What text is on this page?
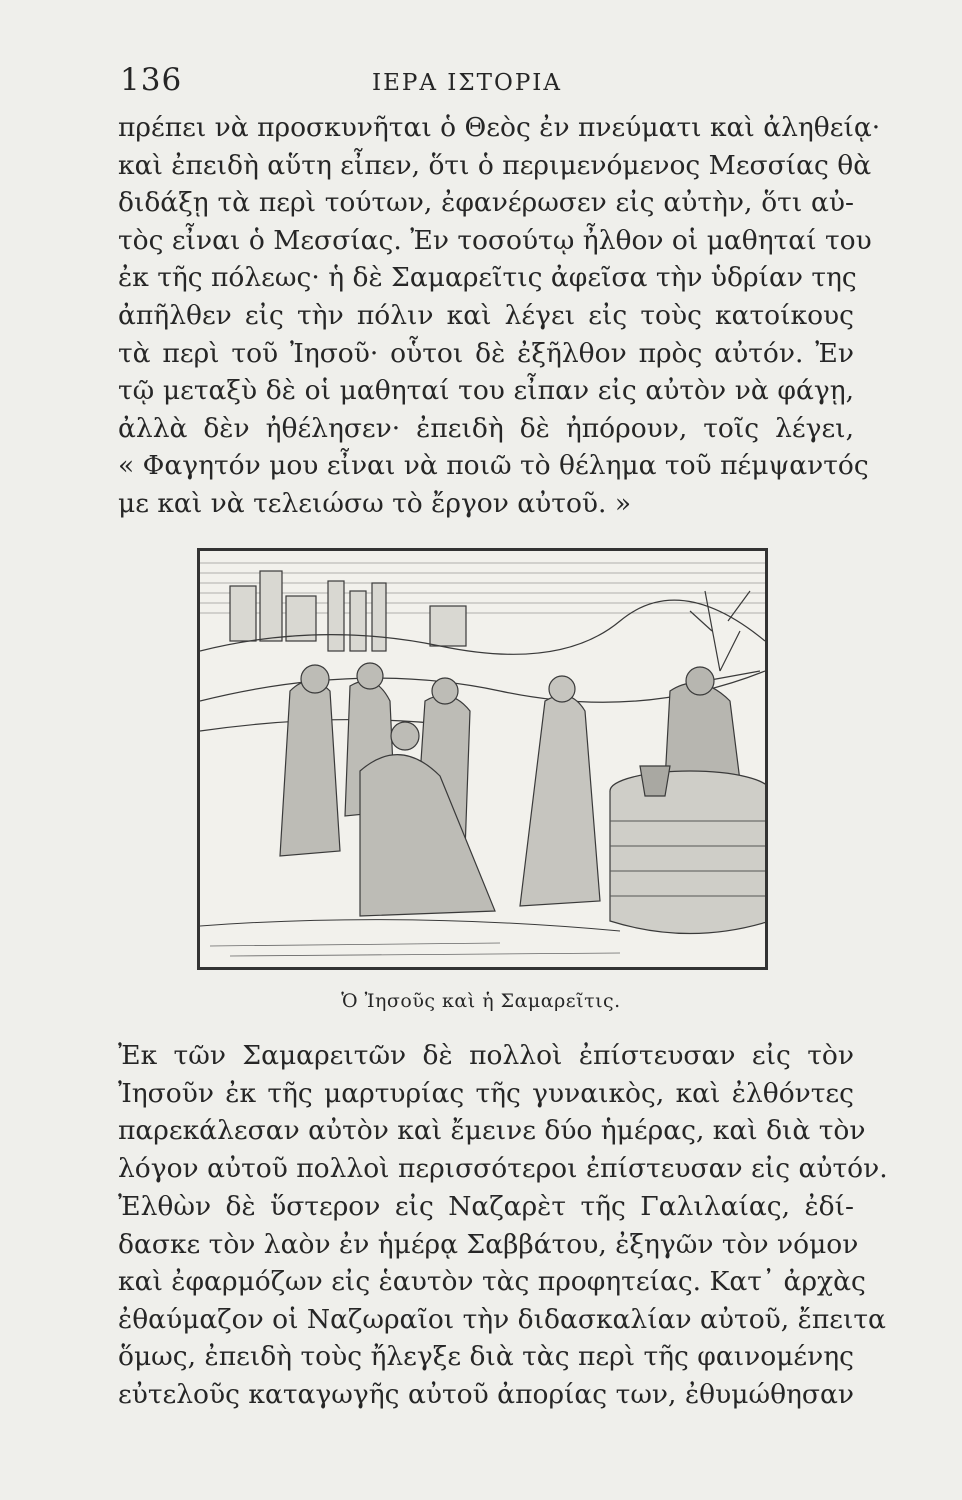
136	ΙΕΡΑ ΙΣΤΟΡΙΑ
πρέπει νὰ προσκυνῆται ὁ Θεὸς ἐν πνεύματι καὶ ἀληθείᾳ·
καὶ ἐπειδὴ αὕτη εἶπεν, ὅτι ὁ περιμενόμενος Μεσσίας θὰ
διδάξῃ τὰ περὶ τούτων, ἐφανέρωσεν εἰς αὐτὴν, ὅτι αὐ-
τὸς εἶναι ὁ Μεσσίας. Ἐν τοσούτῳ ἦλθον οἱ μαθηταί του
ἐκ τῆς πόλεως· ἡ δὲ Σαμαρεῖτις ἀφεῖσα τὴν ὑδρίαν της
ἀπῆλθεν εἰς τὴν πόλιν καὶ λέγει εἰς τοὺς κατοίκους
τὰ περὶ τοῦ Ἰησοῦ· οὗτοι δὲ ἐξῆλθον πρὸς αὐτόν. Ἐν
τῷ μεταξὺ δὲ οἱ μαθηταί του εἶπαν εἰς αὐτὸν νὰ φάγῃ,
ἀλλὰ δὲν ἠθέλησεν· ἐπειδὴ δὲ ἠπόρουν, τοῖς λέγει,
« Φαγητόν μου εἶναι νὰ ποιῶ τὸ θέλημα τοῦ πέμψαντός
με καὶ νὰ τελειώσω τὸ ἔργον αὐτοῦ. »
Ὁ Ἰησοῦς καὶ ἡ Σαμαρεῖτις.
Ἐκ τῶν Σαμαρειτῶν δὲ πολλοὶ ἐπίστευσαν εἰς τὸν
Ἰησοῦν ἐκ τῆς μαρτυρίας τῆς γυναικὸς, καὶ ἐλθόντες
παρεκάλεσαν αὐτὸν καὶ ἔμεινε δύο ἡμέρας, καὶ διὰ τὸν
λόγον αὐτοῦ πολλοὶ περισσότεροι ἐπίστευσαν εἰς αὐτόν.
Ἐλθὼν δὲ ὕστερον εἰς Ναζαρὲτ τῆς Γαλιλαίας, ἐδί-
δασκε τὸν λαὸν ἐν ἡμέρᾳ Σαββάτου, ἐξηγῶν τὸν νόμον
καὶ ἐφαρμόζων εἰς ἑαυτὸν τὰς προφητείας. Κατ᾽ ἀρχὰς
ἐθαύμαζον οἱ Ναζωραῖοι τὴν διδασκαλίαν αὐτοῦ, ἔπειτα
ὅμως, ἐπειδὴ τοὺς ἤλεγξε διὰ τὰς περὶ τῆς φαινομένης
εὐτελοῦς καταγωγῆς αὐτοῦ ἀπορίας των, ἐθυμώθησαν
